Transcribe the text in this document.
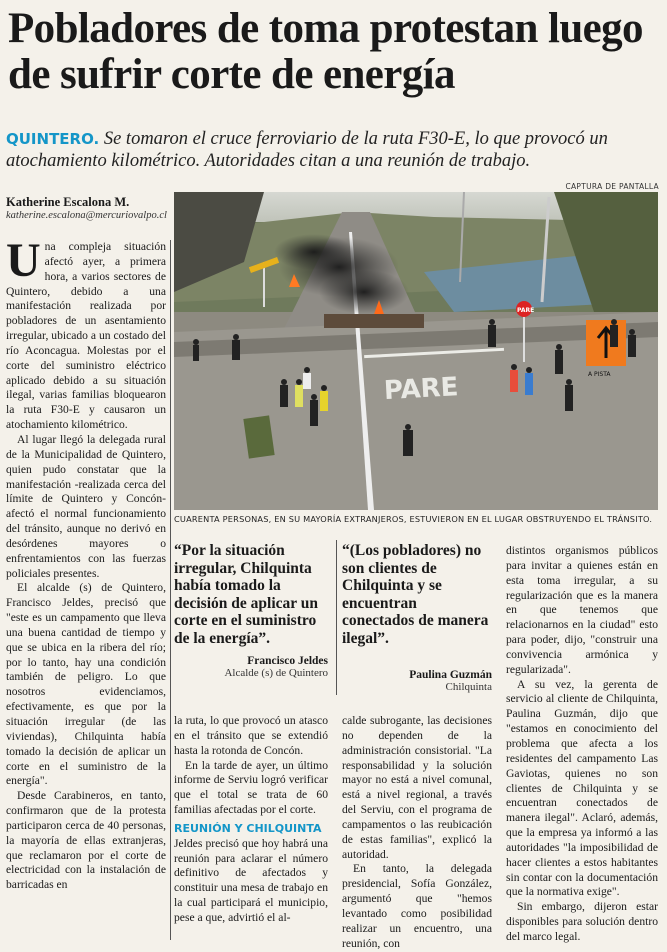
Pobladores de toma protestan luego de sufrir corte de energía

QUINTERO. Se tomaron el cruce ferroviario de la ruta F30-E, lo que provocó un atochamiento kilométrico. Autoridades citan a una reunión de trabajo.

Katherine Escalona M.
katherine.escalona@mercuriovalpo.cl

Una compleja situación afectó ayer, a primera hora, a varios sectores de Quintero, debido a una manifestación realizada por pobladores de un asentamiento irregular, ubicado a un costado del río Aconcagua. Molestas por el corte del suministro eléctrico aplicado debido a su situación ilegal, varias familias bloquearon la ruta F30-E y causaron un atochamiento kilométrico.

Al lugar llegó la delegada rural de la Municipalidad de Quintero, quien pudo constatar que la manifestación -realizada cerca del límite de Quintero y Concón- afectó el normal funcionamiento del tránsito, aunque no derivó en desórdenes mayores o enfrentamientos con las fuerzas policiales presentes.

El alcalde (s) de Quintero, Francisco Jeldes, precisó que "este es un campamento que lleva una buena cantidad de tiempo y que se ubica en la ribera del río; por lo tanto, hay una condición también de peligro. Lo que nosotros evidenciamos, efectivamente, es que por la situación irregular (de las viviendas), Chilquinta había tomado la decisión de aplicar un corte en el suministro de la energía".

Desde Carabineros, en tanto, confirmaron que de la protesta participaron cerca de 40 personas, la mayoría de ellas extranjeras, que reclamaron por el corte de electricidad con la instalación de barricadas en

CAPTURA DE PANTALLA
PARE	A PISTA
PARE
CUARENTA PERSONAS, EN SU MAYORÍA EXTRANJEROS, ESTUVIERON EN EL LUGAR OBSTRUYENDO EL TRÁNSITO.

“Por la situación irregular, Chilquinta había tomado la decisión de aplicar un corte en el suministro de la energía”.

Francisco Jeldes
Alcalde (s) de Quintero

“(Los pobladores) no son clientes de Chilquinta y se encuentran conectados de manera ilegal”.

Paulina Guzmán
Chilquinta

la ruta, lo que provocó un atasco en el tránsito que se extendió hasta la rotonda de Concón.

En la tarde de ayer, un último informe de Serviu logró verificar que el total se trata de 60 familias afectadas por el corte.

REUNIÓN Y CHILQUINTA

Jeldes precisó que hoy habrá una reunión para aclarar el número definitivo de afectados y constituir una mesa de trabajo en la cual participará el municipio, pese a que, advirtió el al-

calde subrogante, las decisiones no dependen de la administración consistorial. "La responsabilidad y la solución mayor no está a nivel comunal, está a nivel regional, a través del Serviu, con el programa de campamentos o las reubicación de estas familias", explicó la autoridad.

En tanto, la delegada presidencial, Sofía González, argumentó que "hemos levantado como posibilidad realizar un encuentro, una reunión, con

distintos organismos públicos para invitar a quienes están en esta toma irregular, a su regularización que es la manera en que tenemos que relacionarnos en la ciudad" esto para poder, dijo, "construir una convivencia armónica y regularizada".

A su vez, la gerenta de servicio al cliente de Chilquinta, Paulina Guzmán, dijo que "estamos en conocimiento del problema que afecta a los residentes del campamento Las Gaviotas, quienes no son clientes de Chilquinta y se encuentran conectados de manera ilegal". Aclaró, además, que la empresa ya informó a las autoridades "la imposibilidad de hacer clientes a estos habitantes sin contar con la documentación que la normativa exige".

Sin embargo, dijeron estar disponibles para solución dentro del marco legal.
